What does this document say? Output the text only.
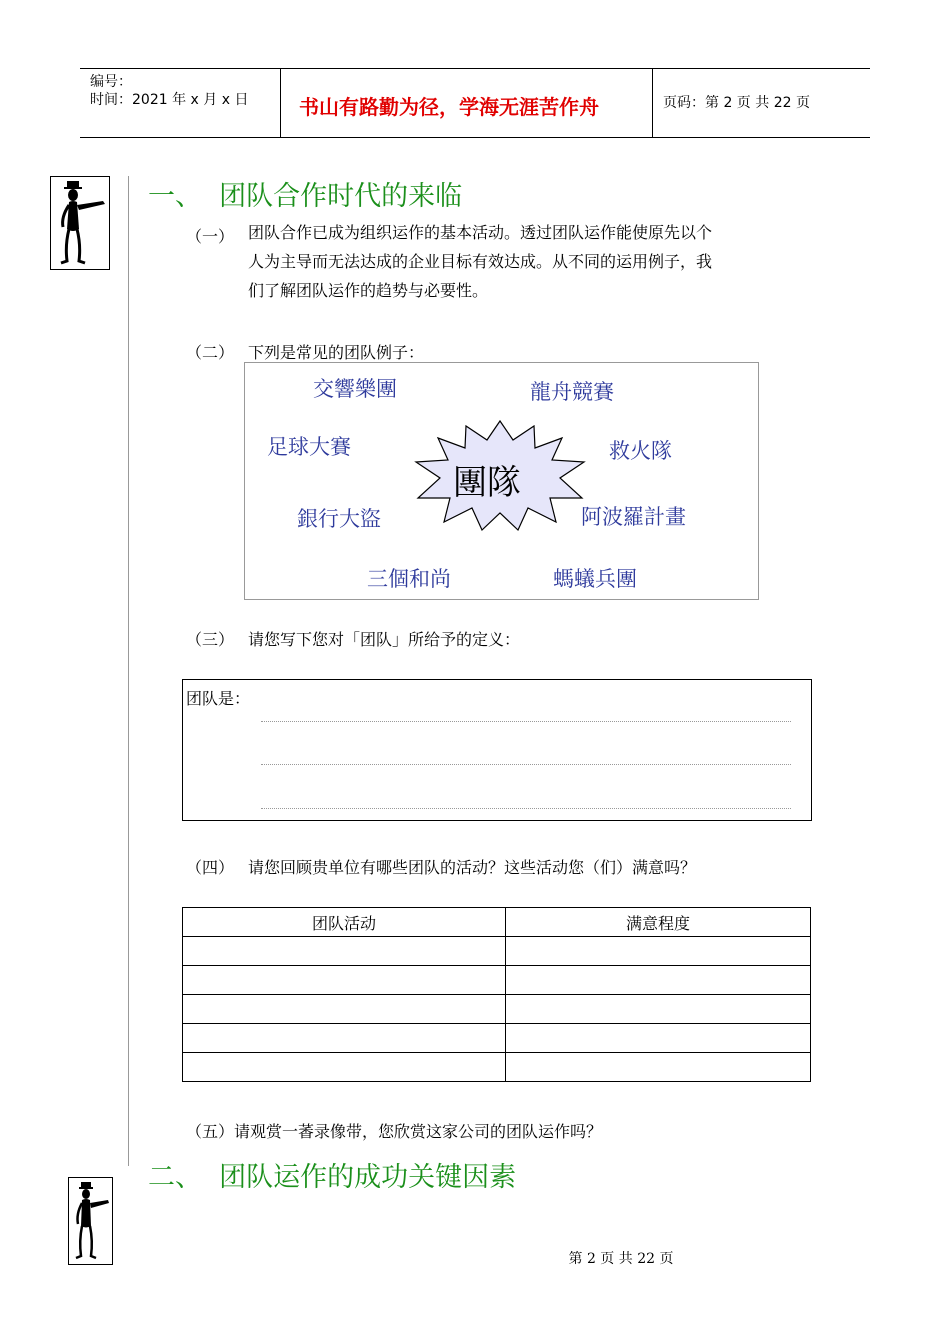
编号：
时间：2021 年 x 月 x 日	书山有路勤为径，学海无涯苦作舟	页码：第 2 页 共 22 页
一、  团队合作时代的来临
（一） 团队合作已成为组织运作的基本活动。透过团队运作能使原先以个
人为主导而无法达成的企业目标有效达成。从不同的运用例子，我
们了解团队运作的趋势与必要性。
（二） 下列是常见的团队例子：
團隊
交響樂團	龍舟競賽
足球大賽	救火隊
銀行大盜	阿波羅計畫
三個和尚	螞蟻兵團
（三） 请您写下您对「团队」所给予的定义：
团队是：
（四） 请您回顾贵单位有哪些团队的活动？这些活动您（们）满意吗？
团队活动	满意程度

（五）请观赏一萫录像带，您欣赏这家公司的团队运作吗？
二、  团队运作的成功关键因素
第 2 页 共 22 页
